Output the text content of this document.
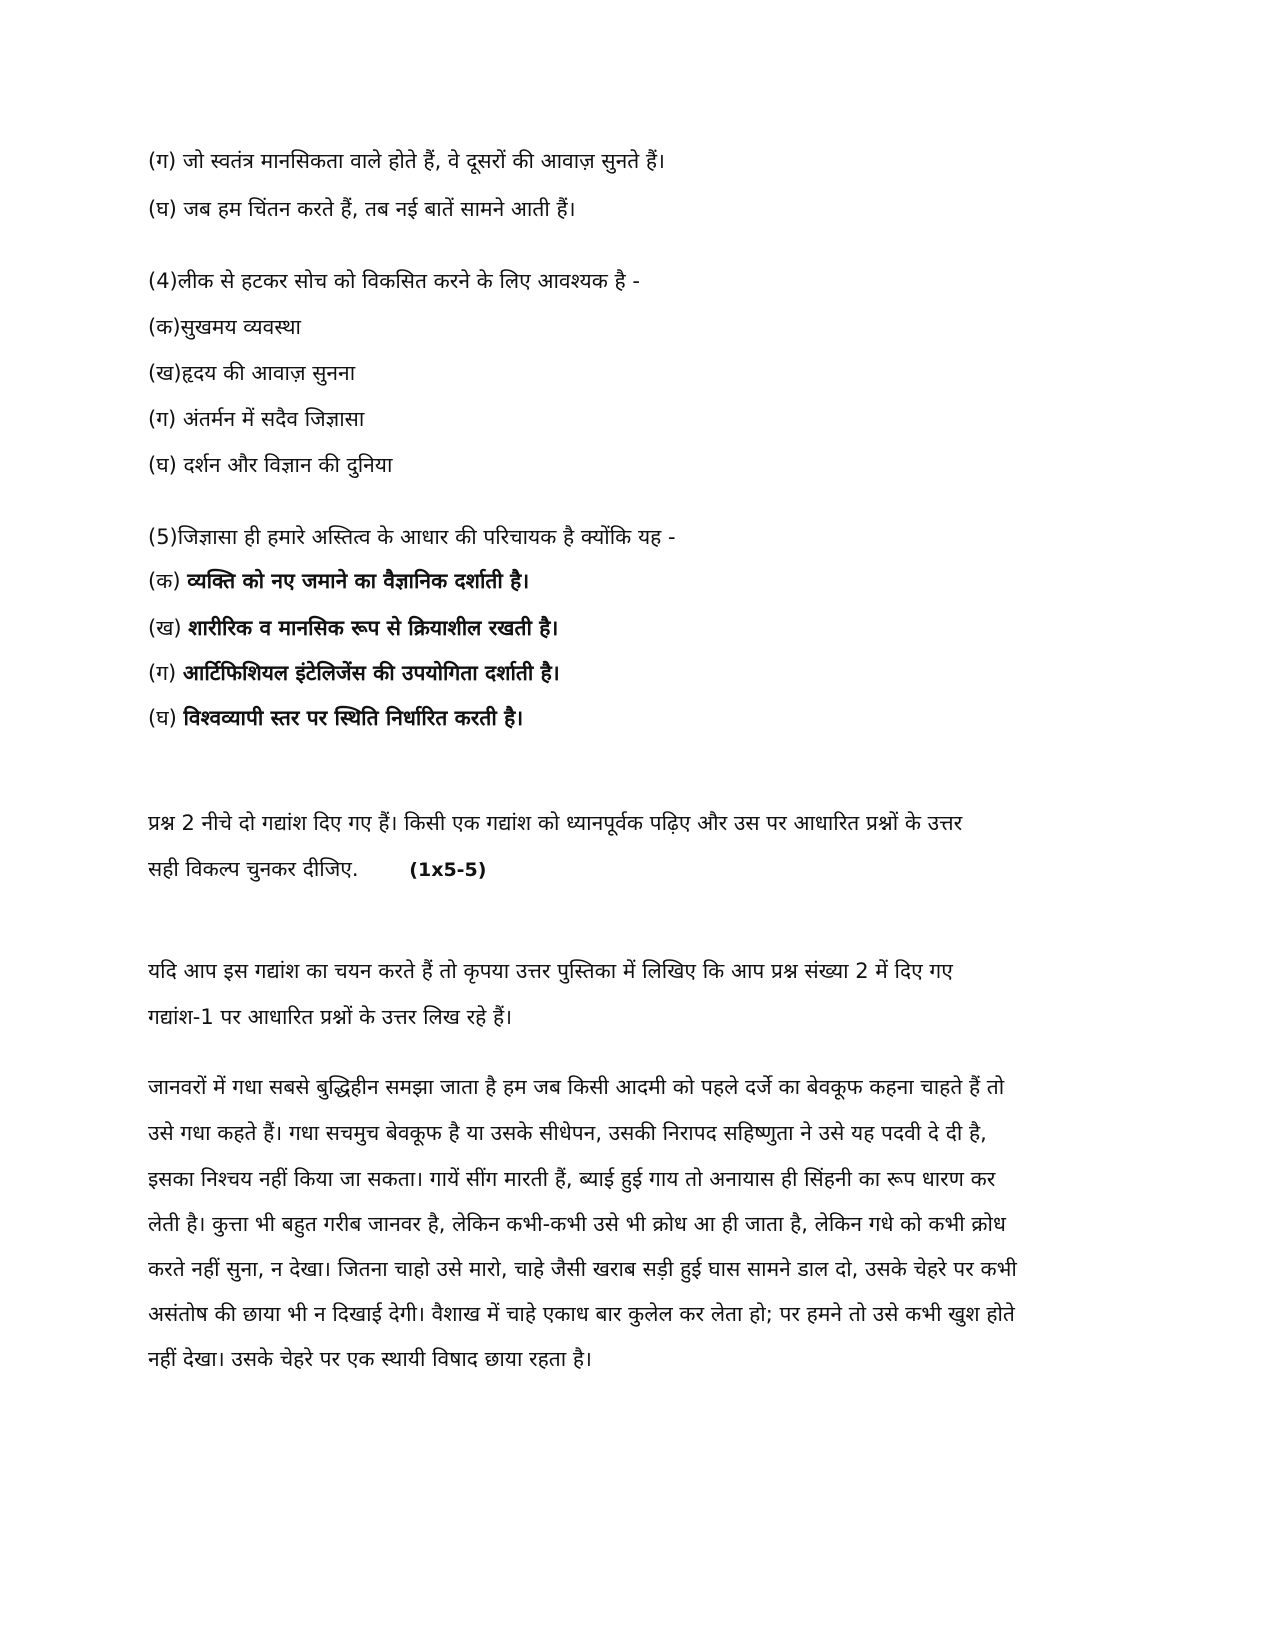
(ग) जो स्वतंत्र मानसिकता वाले होते हैं, वे दूसरों की आवाज़ सुनते हैं।
(घ) जब हम चिंतन करते हैं, तब नई बातें सामने आती हैं।
(4)लीक से हटकर सोच को विकसित करने के लिए आवश्यक है -
(क)सुखमय व्यवस्था
(ख)हृदय की आवाज़ सुनना
(ग) अंतर्मन में सदैव जिज्ञासा
(घ) दर्शन और विज्ञान की दुनिया
(5)जिज्ञासा ही हमारे अस्तित्व के आधार की परिचायक है क्योंकि यह -
(क) व्यक्ति को नए जमाने का वैज्ञानिक दर्शाती है।
(ख) शारीरिक व मानसिक रूप से क्रियाशील रखती है।
(ग) आर्टिफिशियल इंटेलिजेंस की उपयोगिता दर्शाती है।
(घ) विश्वव्यापी स्तर पर स्थिति निर्धारित करती है।
प्रश्न 2 नीचे दो गद्यांश दिए गए हैं। किसी एक गद्यांश को ध्यानपूर्वक पढ़िए और उस पर आधारित प्रश्नों के उत्तर
सही विकल्प चुनकर दीजिए.	(1x5-5)
यदि आप इस गद्यांश का चयन करते हैं तो कृपया उत्तर पुस्तिका में लिखिए कि आप प्रश्न संख्या 2 में दिए गए
गद्यांश-1 पर आधारित प्रश्नों के उत्तर लिख रहे हैं।
जानवरों में गधा सबसे बुद्धिहीन समझा जाता है हम जब किसी आदमी को पहले दर्जे का बेवकूफ कहना चाहते हैं तो
उसे गधा कहते हैं। गधा सचमुच बेवकूफ है या उसके सीधेपन, उसकी निरापद सहिष्णुता ने उसे यह पदवी दे दी है,
इसका निश्चय नहीं किया जा सकता। गायें सींग मारती हैं, ब्याई हुई गाय तो अनायास ही सिंहनी का रूप धारण कर
लेती है। कुत्ता भी बहुत गरीब जानवर है, लेकिन कभी-कभी उसे भी क्रोध आ ही जाता है, लेकिन गधे को कभी क्रोध
करते नहीं सुना, न देखा। जितना चाहो उसे मारो, चाहे जैसी खराब सड़ी हुई घास सामने डाल दो, उसके चेहरे पर कभी
असंतोष की छाया भी न दिखाई देगी। वैशाख में चाहे एकाध बार कुलेल कर लेता हो; पर हमने तो उसे कभी खुश होते
नहीं देखा। उसके चेहरे पर एक स्थायी विषाद छाया रहता है।
